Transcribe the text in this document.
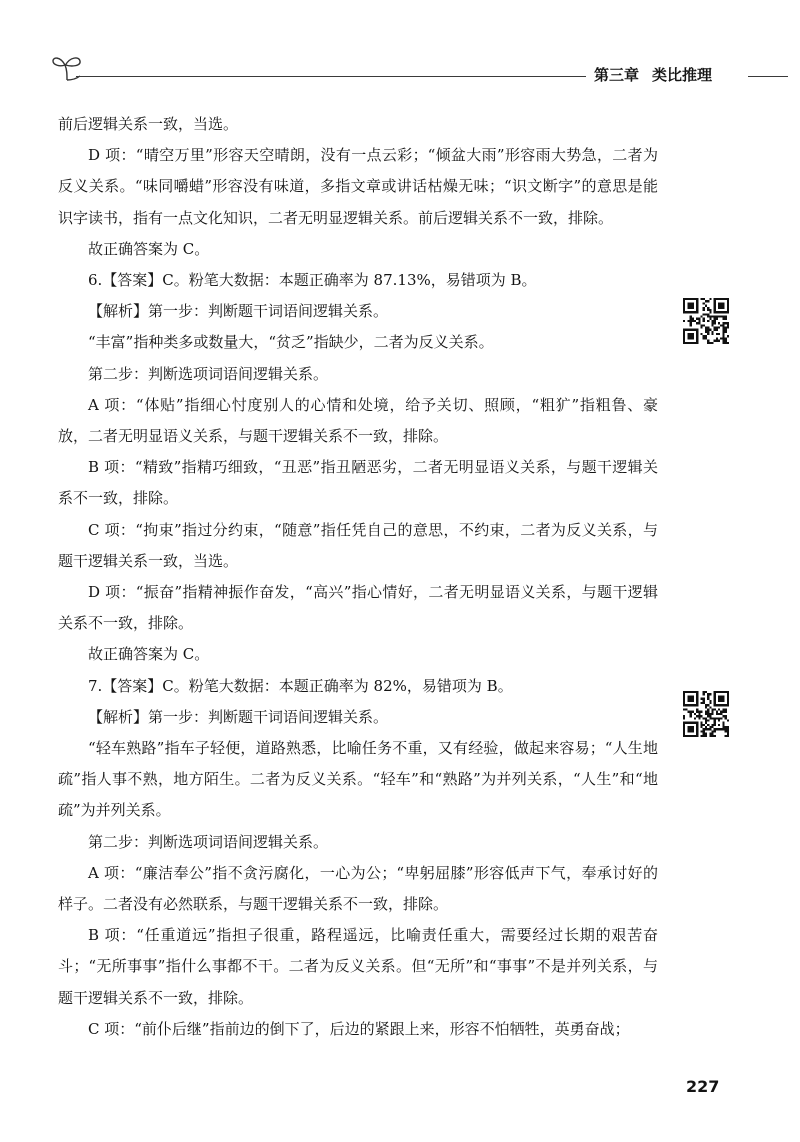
第三章 类比推理

前后逻辑关系一致，当选。

D 项：“晴空万里”形容天空晴朗，没有一点云彩；“倾盆大雨”形容雨大势急，二者为反义关系。“味同嚼蜡”形容没有味道，多指文章或讲话枯燥无味；“识文断字”的意思是能识字读书，指有一点文化知识，二者无明显逻辑关系。前后逻辑关系不一致，排除。

故正确答案为 C。

6.【答案】C。粉笔大数据：本题正确率为 87.13%，易错项为 B。

【解析】第一步：判断题干词语间逻辑关系。

“丰富”指种类多或数量大，“贫乏”指缺少，二者为反义关系。

第二步：判断选项词语间逻辑关系。

A 项：“体贴”指细心忖度别人的心情和处境，给予关切、照顾，“粗犷”指粗鲁、豪放，二者无明显语义关系，与题干逻辑关系不一致，排除。

B 项：“精致”指精巧细致，“丑恶”指丑陋恶劣，二者无明显语义关系，与题干逻辑关系不一致，排除。

C 项：“拘束”指过分约束，“随意”指任凭自己的意思，不约束，二者为反义关系，与题干逻辑关系一致，当选。

D 项：“振奋”指精神振作奋发，“高兴”指心情好，二者无明显语义关系，与题干逻辑关系不一致，排除。

故正确答案为 C。

7.【答案】C。粉笔大数据：本题正确率为 82%，易错项为 B。

【解析】第一步：判断题干词语间逻辑关系。

“轻车熟路”指车子轻便，道路熟悉，比喻任务不重，又有经验，做起来容易；“人生地疏”指人事不熟，地方陌生。二者为反义关系。“轻车”和“熟路”为并列关系，“人生”和“地疏”为并列关系。

第二步：判断选项词语间逻辑关系。

A 项：“廉洁奉公”指不贪污腐化，一心为公；“卑躬屈膝”形容低声下气，奉承讨好的样子。二者没有必然联系，与题干逻辑关系不一致，排除。

B 项：“任重道远”指担子很重，路程遥远，比喻责任重大，需要经过长期的艰苦奋斗；“无所事事”指什么事都不干。二者为反义关系。但“无所”和“事事”不是并列关系，与题干逻辑关系不一致，排除。

C 项：“前仆后继”指前边的倒下了，后边的紧跟上来，形容不怕牺牲，英勇奋战；

227
